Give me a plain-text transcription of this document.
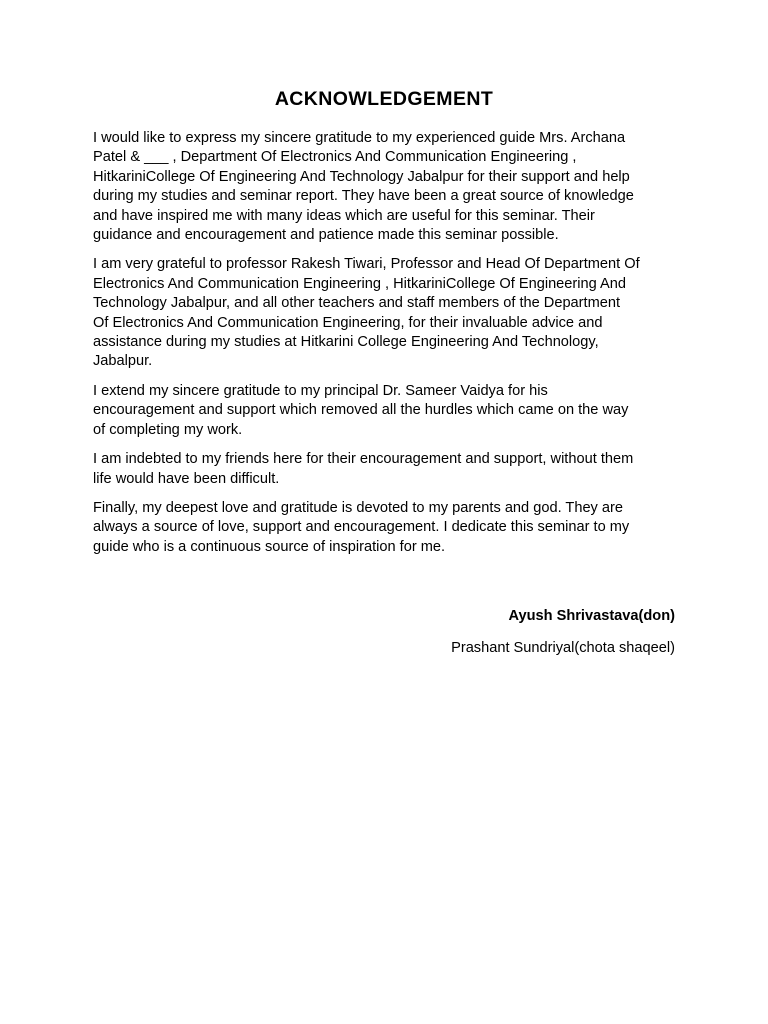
ACKNOWLEDGEMENT

I would like to express my sincere gratitude to my experienced guide Mrs. Archana
Patel & ___ , Department Of Electronics And Communication Engineering ,
HitkariniCollege Of Engineering And Technology Jabalpur for their support and help
during my studies and seminar report. They have been a great source of knowledge
and have inspired me with many ideas which are useful for this seminar. Their
guidance and encouragement and patience made this seminar possible.

I am very grateful to professor Rakesh Tiwari, Professor and Head Of Department Of
Electronics And Communication Engineering , HitkariniCollege Of Engineering And
Technology Jabalpur, and all other teachers and staff members of the Department
Of Electronics And Communication Engineering, for their invaluable advice and
assistance during my studies at Hitkarini College Engineering And Technology,
Jabalpur.

I extend my sincere gratitude to my principal Dr. Sameer Vaidya for his
encouragement and support which removed all the hurdles which came on the way
of completing my work.

I am indebted to my friends here for their encouragement and support, without them
life would have been difficult.

Finally, my deepest love and gratitude is devoted to my parents and god. They are
always a source of love, support and encouragement. I dedicate this seminar to my
guide who is a continuous source of inspiration for me.

Ayush Shrivastava(don)
Prashant Sundriyal(chota shaqeel)
